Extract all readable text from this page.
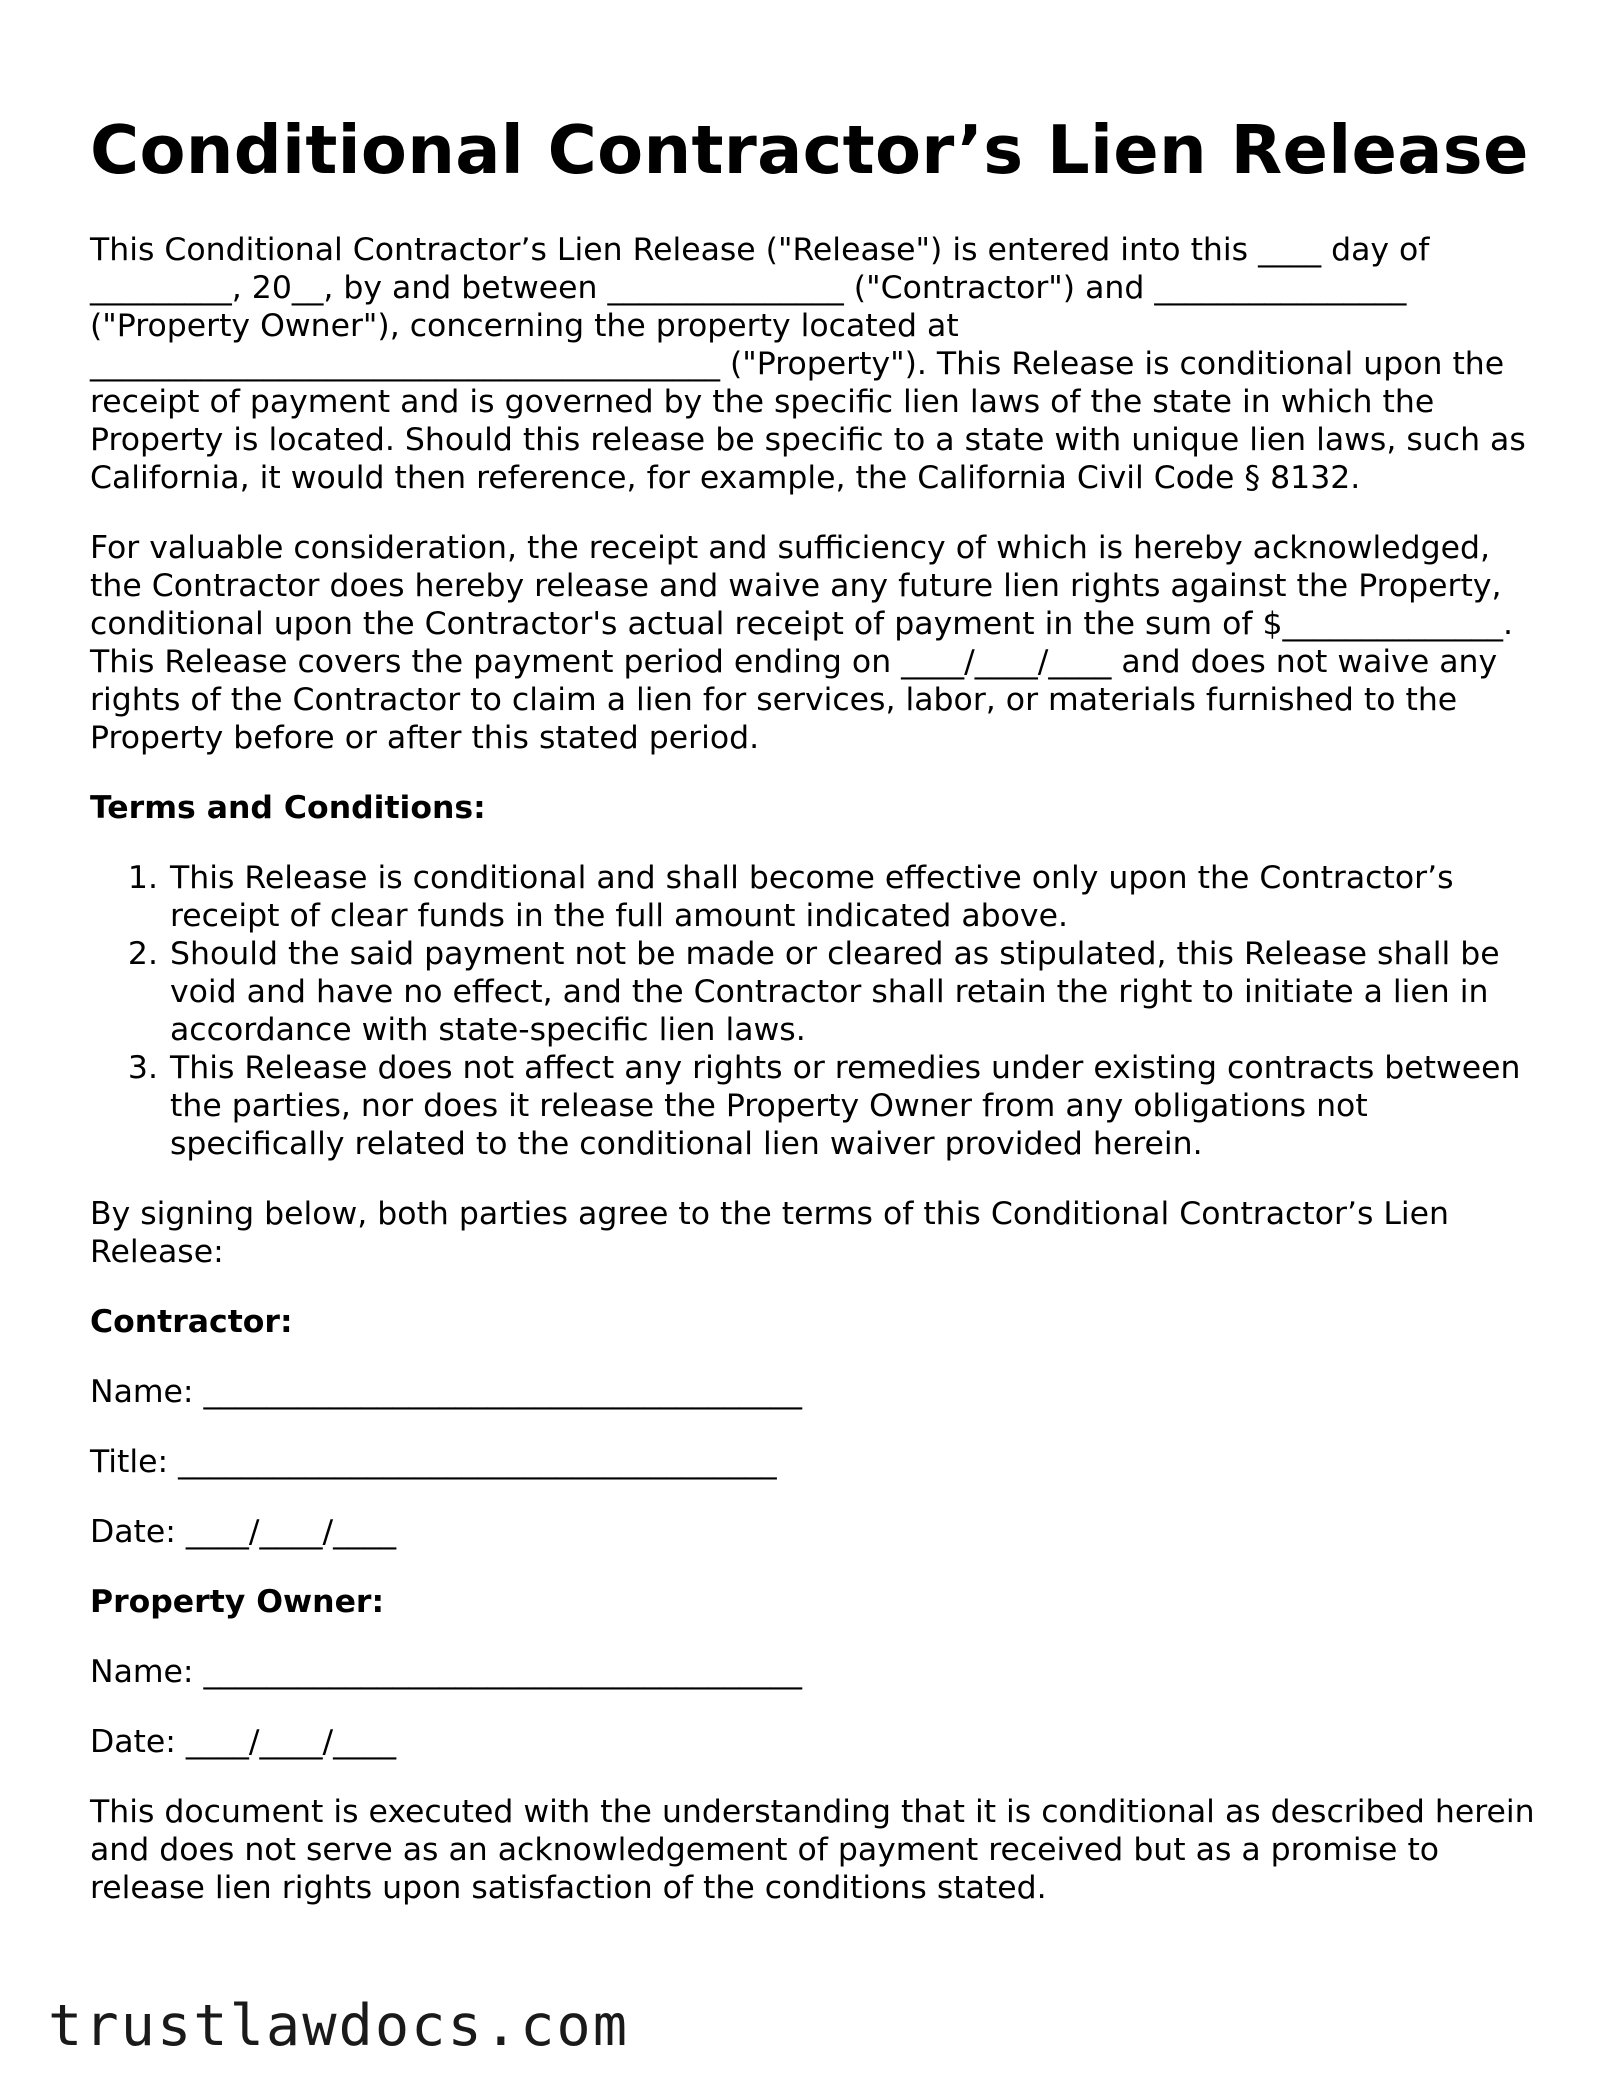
Conditional Contractor’s Lien Release

This Conditional Contractor’s Lien Release ("Release") is entered into this ____ day of _________, 20__, by and between _______________ ("Contractor") and ________________ ("Property Owner"), concerning the property located at ________________________________________ ("Property"). This Release is conditional upon the receipt of payment and is governed by the specific lien laws of the state in which the Property is located. Should this release be specific to a state with unique lien laws, such as California, it would then reference, for example, the California Civil Code § 8132.

For valuable consideration, the receipt and sufficiency of which is hereby acknowledged, the Contractor does hereby release and waive any future lien rights against the Property, conditional upon the Contractor's actual receipt of payment in the sum of $______________. This Release covers the payment period ending on ____/____/____ and does not waive any rights of the Contractor to claim a lien for services, labor, or materials furnished to the Property before or after this stated period.

Terms and Conditions:

1. This Release is conditional and shall become effective only upon the Contractor’s receipt of clear funds in the full amount indicated above.
2. Should the said payment not be made or cleared as stipulated, this Release shall be void and have no effect, and the Contractor shall retain the right to initiate a lien in accordance with state-specific lien laws.
3. This Release does not affect any rights or remedies under existing contracts between the parties, nor does it release the Property Owner from any obligations not specifically related to the conditional lien waiver provided herein.

By signing below, both parties agree to the terms of this Conditional Contractor’s Lien Release:

Contractor:
Name: ______________________________________
Title: ______________________________________
Date: ____/____/____
Property Owner:
Name: ______________________________________
Date: ____/____/____

This document is executed with the understanding that it is conditional as described herein and does not serve as an acknowledgement of payment received but as a promise to release lien rights upon satisfaction of the conditions stated.

trustlawdocs.com
